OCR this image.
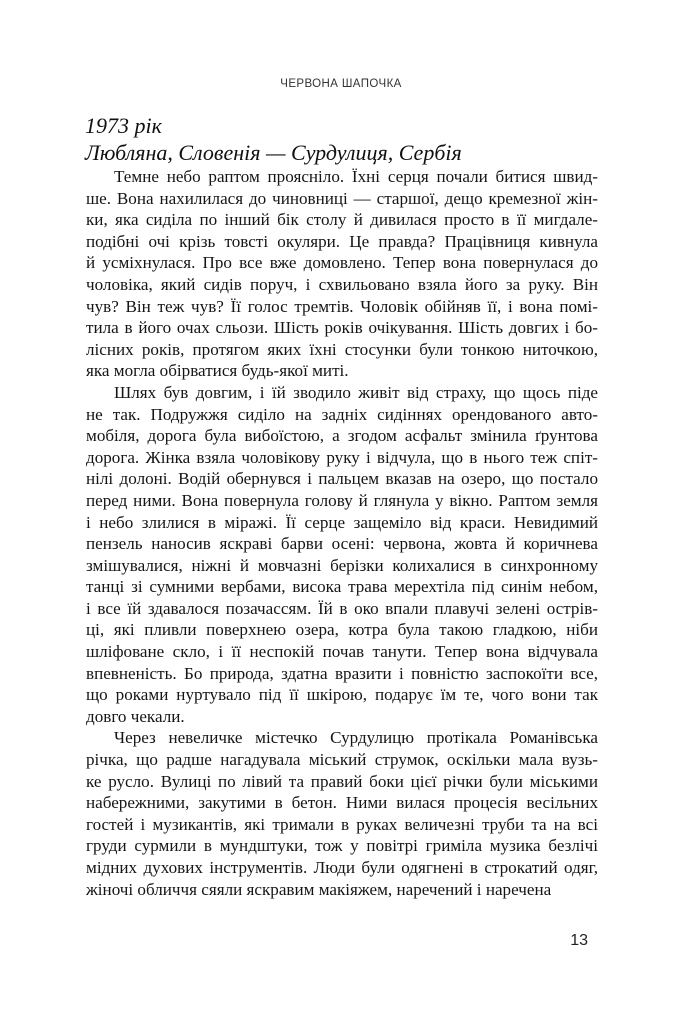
ЧЕРВОНА ШАПОЧКА
1973 рік
Любляна, Словенія — Сурдулиця, Сербія
Темне небо раптом проясніло. Їхні серця почали битися швид-
ше. Вона нахилилася до чиновниці — старшої, дещо кремезної жін-
ки, яка сиділа по інший бік столу й дивилася просто в її мигдале-
подібні очі крізь товсті окуляри. Це правда? Працівниця кивнула
й усміхнулася. Про все вже домовлено. Тепер вона повернулася до
чоловіка, який сидів поруч, і схвильовано взяла його за руку. Він
чув? Він теж чув? Її голос тремтів. Чоловік обійняв її, і вона помі-
тила в його очах сльози. Шість років очікування. Шість довгих і бо-
лісних років, протягом яких їхні стосунки були тонкою ниточкою,
яка могла обірватися будь-якої миті.
Шлях був довгим, і їй зводило живіт від страху, що щось піде
не так. Подружжя сиділо на задніх сидіннях орендованого авто-
мобіля, дорога була вибоїстою, а згодом асфальт змінила ґрунтова
дорога. Жінка взяла чоловікову руку і відчула, що в нього теж спіт-
нілі долоні. Водій обернувся і пальцем вказав на озеро, що постало
перед ними. Вона повернула голову й глянула у вікно. Раптом земля
і небо злилися в міражі. Її серце защеміло від краси. Невидимий
пензель наносив яскраві барви осені: червона, жовта й коричнева
змішувалися, ніжні й мовчазні берізки колихалися в синхронному
танці зі сумними вербами, висока трава мерехтіла під синім небом,
і все їй здавалося позачассям. Їй в око впали плавучі зелені острів-
ці, які пливли поверхнею озера, котра була такою гладкою, ніби
шліфоване скло, і її неспокій почав танути. Тепер вона відчувала
впевненість. Бо природа, здатна вразити і повністю заспокоїти все,
що роками нуртувало під її шкірою, подарує їм те, чого вони так
довго чекали.
Через невеличке містечко Сурдулицю протікала Романівська
річка, що радше нагадувала міський струмок, оскільки мала вузь-
ке русло. Вулиці по лівий та правий боки цієї річки були міськими
набережними, закутими в бетон. Ними вилася процесія весільних
гостей і музикантів, які тримали в руках величезні труби та на всі
груди сурмили в мундштуки, тож у повітрі гриміла музика безлічі
мідних духових інструментів. Люди були одягнені в строкатий одяг,
жіночі обличчя сяяли яскравим макіяжем, наречений і наречена
13
